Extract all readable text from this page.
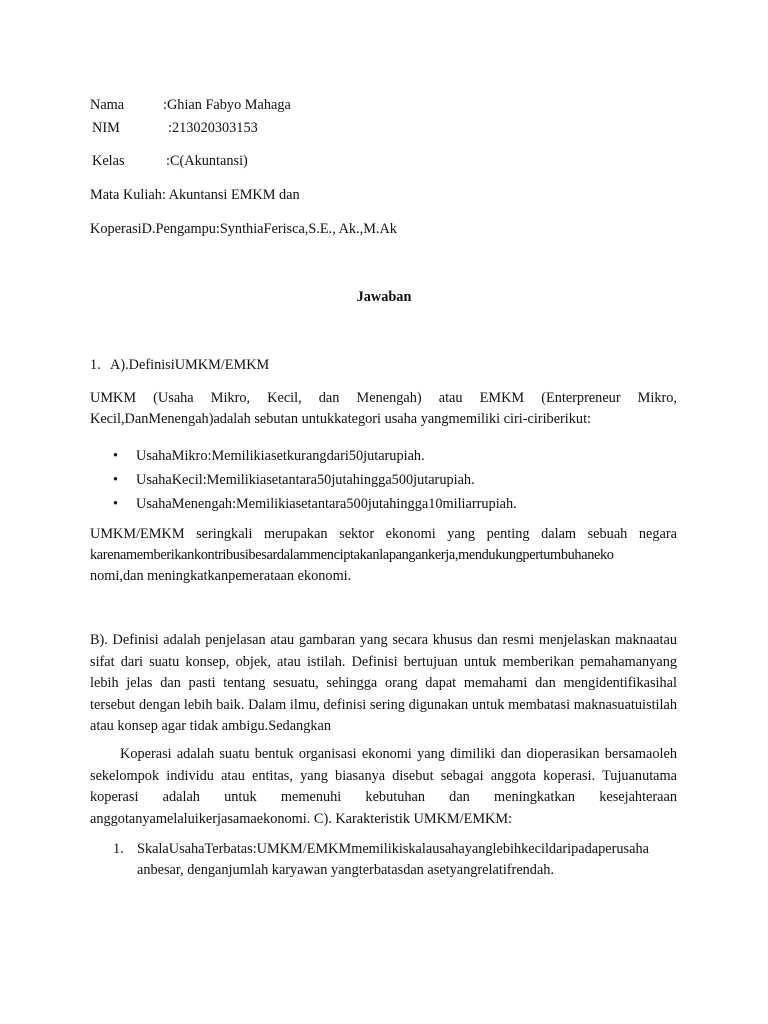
Nama	:Ghian Fabyo Mahaga
NIM	:213020303153
Kelas	:C(Akuntansi)
Mata Kuliah: Akuntansi EMKM dan
KoperasiD.Pengampu:SynthiaFerisca,S.E., Ak.,M.Ak
Jawaban
1. A).DefinisiUMKM/EMKM
UMKM (Usaha Mikro, Kecil, dan Menengah) atau EMKM (Enterpreneur Mikro, Kecil,DanMenengah)adalah sebutan untukkategori usaha yangmemiliki ciri-ciriberikut:
• UsahaMikro:Memilikiasetkurangdari50jutarupiah.
• UsahaKecil:Memilikiasetantara50jutahingga500jutarupiah.
• UsahaMenengah:Memilikiasetantara500jutahingga10miliarrupiah.
UMKM/EMKM seringkali merupakan sektor ekonomi yang penting dalam sebuah negara
karenamemberikankontribusibesardalammenciptakanlapangankerja,mendukungpertumbuhaneko
nomi,dan meningkatkanpemerataan ekonomi.
B). Definisi adalah penjelasan atau gambaran yang secara khusus dan resmi menjelaskan maknaatau sifat dari suatu konsep, objek, atau istilah. Definisi bertujuan untuk memberikan pemahamanyang lebih jelas dan pasti tentang sesuatu, sehingga orang dapat memahami dan mengidentifikasihal tersebut dengan lebih baik. Dalam ilmu, definisi sering digunakan untuk membatasi maknasuatuistilah atau konsep agar tidak ambigu.Sedangkan
Koperasi adalah suatu bentuk organisasi ekonomi yang dimiliki dan dioperasikan bersamaoleh sekelompok individu atau entitas, yang biasanya disebut sebagai anggota koperasi. Tujuanutama koperasi adalah untuk memenuhi kebutuhan dan meningkatkan kesejahteraan anggotanyamelaluikerjasamaekonomi. C). Karakteristik UMKM/EMKM:
1. SkalaUsahaTerbatas:UMKM/EMKMmemilikiskalausahayanglebihkecildaripadaperusaha anbesar, denganjumlah karyawan yangterbatasdan asetyangrelatifrendah.
